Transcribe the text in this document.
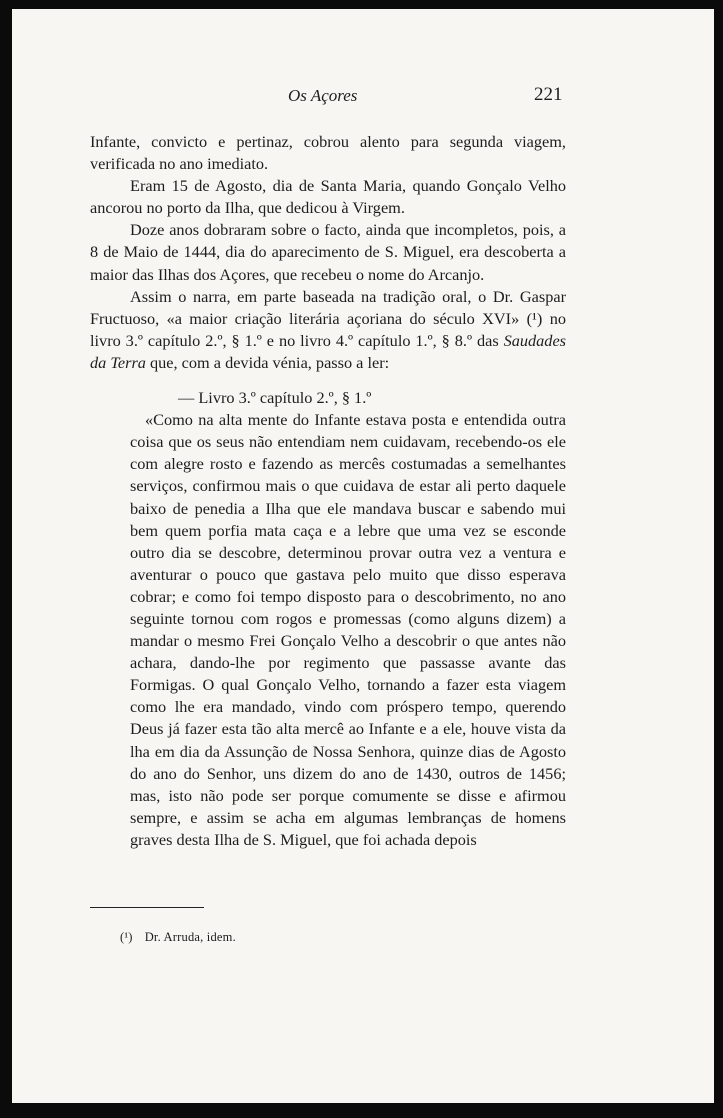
Os Açores	221

Infante, convicto e pertinaz, cobrou alento para segunda viagem, verificada no ano imediato.

Eram 15 de Agosto, dia de Santa Maria, quando Gonçalo Velho ancorou no porto da Ilha, que dedicou à Virgem.

Doze anos dobraram sobre o facto, ainda que incompletos, pois, a 8 de Maio de 1444, dia do aparecimento de S. Miguel, era descoberta a maior das Ilhas dos Açores, que recebeu o nome do Arcanjo.

Assim o narra, em parte baseada na tradição oral, o Dr. Gaspar Fructuoso, «a maior criação literária açoriana do século XVI» (¹) no livro 3.º capítulo 2.º, § 1.º e no livro 4.º capítulo 1.º, § 8.º das Saudades da Terra que, com a devida vénia, passo a ler:

— Livro 3.º capítulo 2.º, § 1.º

«Como na alta mente do Infante estava posta e entendida outra coisa que os seus não entendiam nem cuidavam, recebendo-os ele com alegre rosto e fazendo as mercês costumadas a semelhantes serviços, confirmou mais o que cuidava de estar ali perto daquele baixo de penedia a Ilha que ele mandava buscar e sabendo mui bem quem porfia mata caça e a lebre que uma vez se esconde outro dia se descobre, determinou provar outra vez a ventura e aventurar o pouco que gastava pelo muito que disso esperava cobrar; e como foi tempo disposto para o descobrimento, no ano seguinte tornou com rogos e promessas (como alguns dizem) a mandar o mesmo Frei Gonçalo Velho a descobrir o que antes não achara, dando-lhe por regimento que passasse avante das Formigas. O qual Gonçalo Velho, tornando a fazer esta viagem como lhe era mandado, vindo com próspero tempo, querendo Deus já fazer esta tão alta mercê ao Infante e a ele, houve vista da lha em dia da Assunção de Nossa Senhora, quinze dias de Agosto do ano do Senhor, uns dizem do ano de 1430, outros de 1456; mas, isto não pode ser porque comumente se disse e afirmou sempre, e assim se acha em algumas lembranças de homens graves desta Ilha de S. Miguel, que foi achada depois

(¹) Dr. Arruda, idem.
